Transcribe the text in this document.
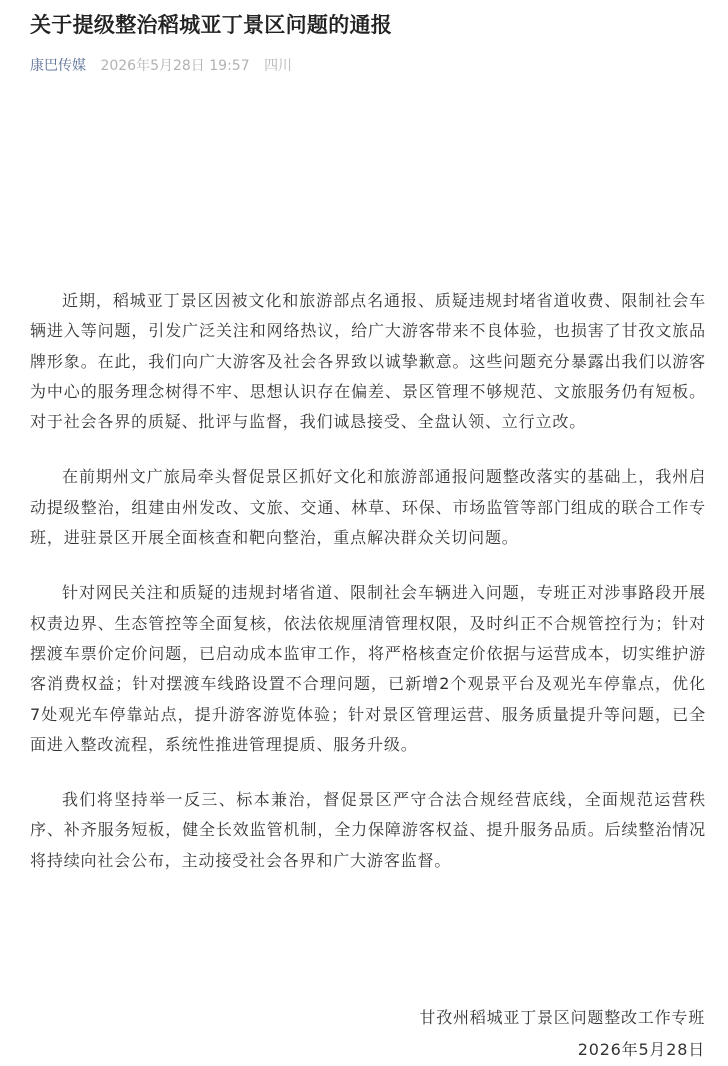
关于提级整治稻城亚丁景区问题的通报
康巴传媒 2026年5月28日 19:57 四川

近期，稻城亚丁景区因被文化和旅游部点名通报、质疑违规封堵省道收费、限制社会车辆进入等问题，引发广泛关注和网络热议，给广大游客带来不良体验，也损害了甘孜文旅品牌形象。在此，我们向广大游客及社会各界致以诚挚歉意。这些问题充分暴露出我们以游客为中心的服务理念树得不牢、思想认识存在偏差、景区管理不够规范、文旅服务仍有短板。对于社会各界的质疑、批评与监督，我们诚恳接受、全盘认领、立行立改。

在前期州文广旅局牵头督促景区抓好文化和旅游部通报问题整改落实的基础上，我州启动提级整治，组建由州发改、文旅、交通、林草、环保、市场监管等部门组成的联合工作专班，进驻景区开展全面核查和靶向整治，重点解决群众关切问题。

针对网民关注和质疑的违规封堵省道、限制社会车辆进入问题，专班正对涉事路段开展权责边界、生态管控等全面复核，依法依规厘清管理权限，及时纠正不合规管控行为；针对摆渡车票价定价问题，已启动成本监审工作，将严格核查定价依据与运营成本，切实维护游客消费权益；针对摆渡车线路设置不合理问题，已新增2个观景平台及观光车停靠点，优化7处观光车停靠站点，提升游客游览体验；针对景区管理运营、服务质量提升等问题，已全面进入整改流程，系统性推进管理提质、服务升级。

我们将坚持举一反三、标本兼治，督促景区严守合法合规经营底线，全面规范运营秩序、补齐服务短板，健全长效监管机制，全力保障游客权益、提升服务品质。后续整治情况将持续向社会公布，主动接受社会各界和广大游客监督。

甘孜州稻城亚丁景区问题整改工作专班
2026年5月28日
